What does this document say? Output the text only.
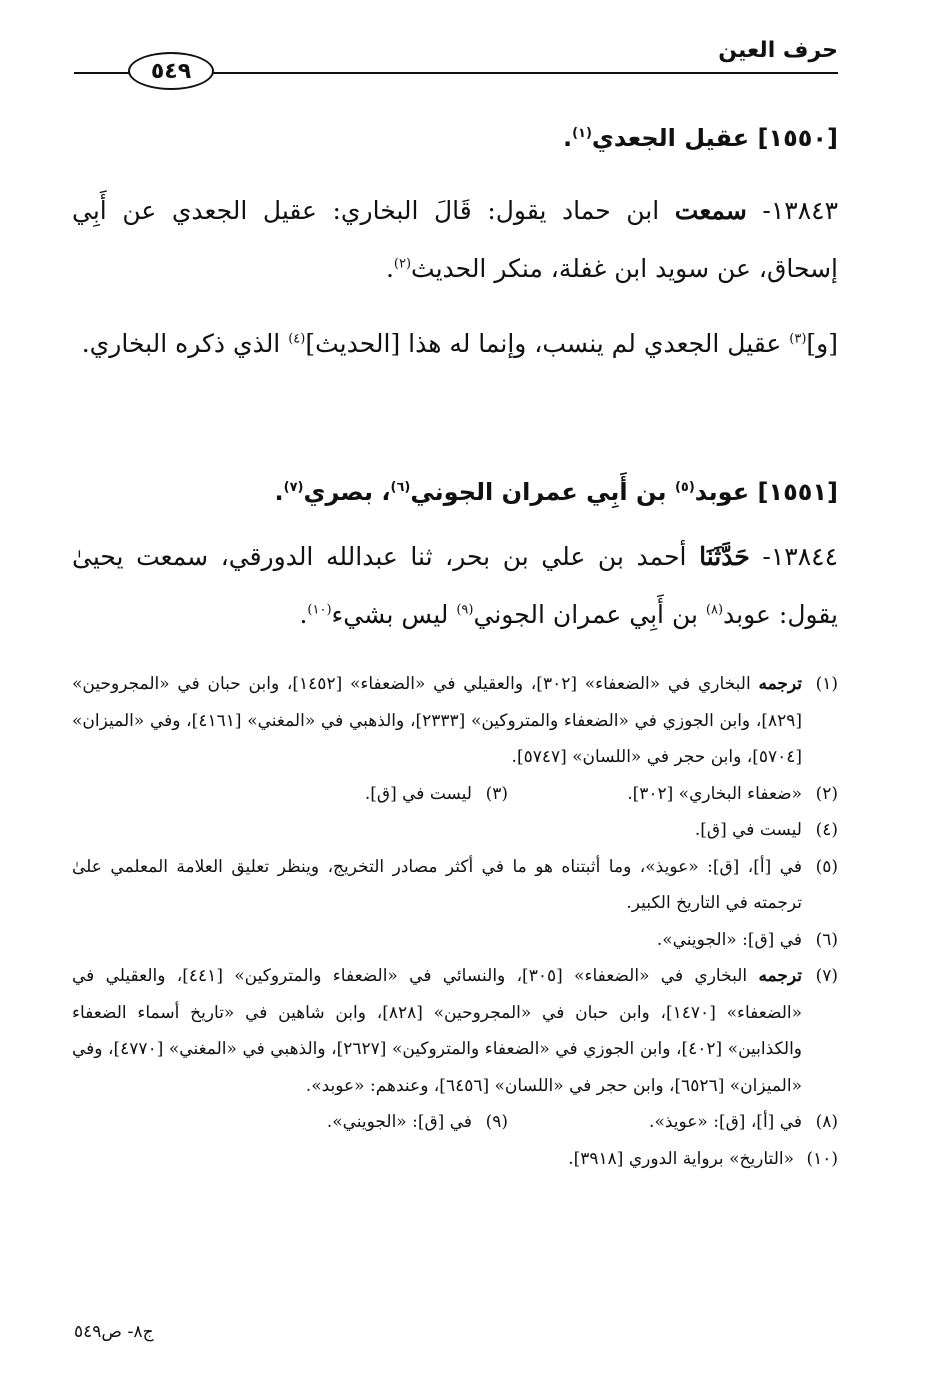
حرف العين
٥٤٩
[١٥٥٠] عقيل الجعدي$^{(١)}$.
١٣٨٤٣- سمعت ابن حماد يقول: قَالَ البخاري: عقيل الجعدي عن أَبِي إسحاق، عن سويد ابن غفلة، منكر الحديث$^{(٢)}$.
[و]$^{(٣)}$ عقيل الجعدي لم ينسب، وإنما له هذا [الحديث]$^{(٤)}$ الذي ذكره البخاري.
[١٥٥١] عوبد$^{(٥)}$ بن أَبِي عمران الجوني$^{(٦)}$، بصري$^{(٧)}$.
١٣٨٤٤- حَدَّثَنَا أحمد بن علي بن بحر، ثنا عبدالله الدورقي، سمعت يحيىٰ يقول: عوبد$^{(٨)}$ بن أَبِي عمران الجوني$^{(٩)}$ ليس بشيء$^{(١٠)}$.
(١)
ترجمه البخاري في «الضعفاء» [٣٠٢]، والعقيلي في «الضعفاء» [١٤٥٢]، وابن حبان في «المجروحين» [٨٢٩]، وابن الجوزي في «الضعفاء والمتروكين» [٢٣٣٣]، والذهبي في «المغني» [٤١٦١]، وفي «الميزان» [٥٧٠٤]، وابن حجر في «اللسان» [٥٧٤٧].
(٢)
«ضعفاء البخاري» [٣٠٢].
(٣)
ليست في [ق].
(٤)
ليست في [ق].
(٥)
في [أ]، [ق]: «عويذ»، وما أثبتناه هو ما في أكثر مصادر التخريج، وينظر تعليق العلامة المعلمي علىٰ ترجمته في التاريخ الكبير.
(٦)
في [ق]: «الجويني».
(٧)
ترجمه البخاري في «الضعفاء» [٣٠٥]، والنسائي في «الضعفاء والمتروكين» [٤٤١]، والعقيلي في «الضعفاء» [١٤٧٠]، وابن حبان في «المجروحين» [٨٢٨]، وابن شاهين في «تاريخ أسماء الضعفاء والكذابين» [٤٠٢]، وابن الجوزي في «الضعفاء والمتروكين» [٢٦٢٧]، والذهبي في «المغني» [٤٧٧٠]، وفي «الميزان» [٦٥٢٦]، وابن حجر في «اللسان» [٦٤٥٦]، وعندهم: «عوبد».
(٨)
في [أ]، [ق]: «عويذ».
(٩)
في [ق]: «الجويني».
(١٠)
«التاريخ» برواية الدوري [٣٩١٨].
ج٨- ص٥٤٩
